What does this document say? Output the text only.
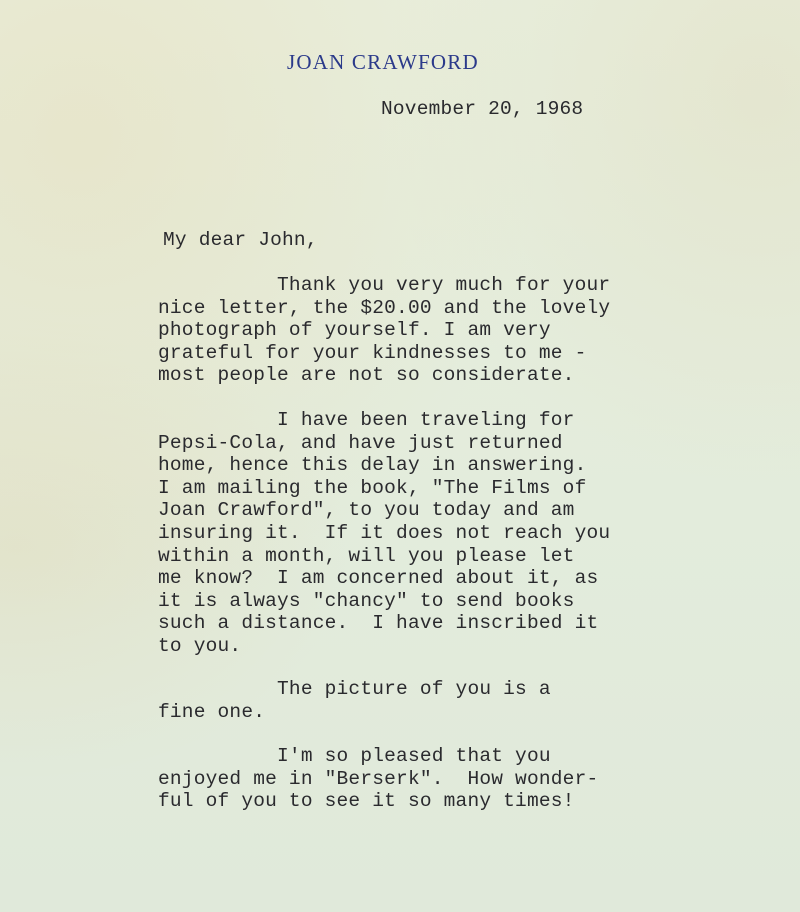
JOAN CRAWFORD
November 20, 1968
My dear John,
Thank you very much for your
nice letter, the $20.00 and the lovely
photograph of yourself. I am very
grateful for your kindnesses to me -
most people are not so considerate.
I have been traveling for
Pepsi-Cola, and have just returned
home, hence this delay in answering.
I am mailing the book, "The Films of
Joan Crawford", to you today and am
insuring it.  If it does not reach you
within a month, will you please let
me know?  I am concerned about it, as
it is always "chancy" to send books
such a distance.  I have inscribed it
to you.
The picture of you is a
fine one.
I'm so pleased that you
enjoyed me in "Berserk".  How wonder-
ful of you to see it so many times!
